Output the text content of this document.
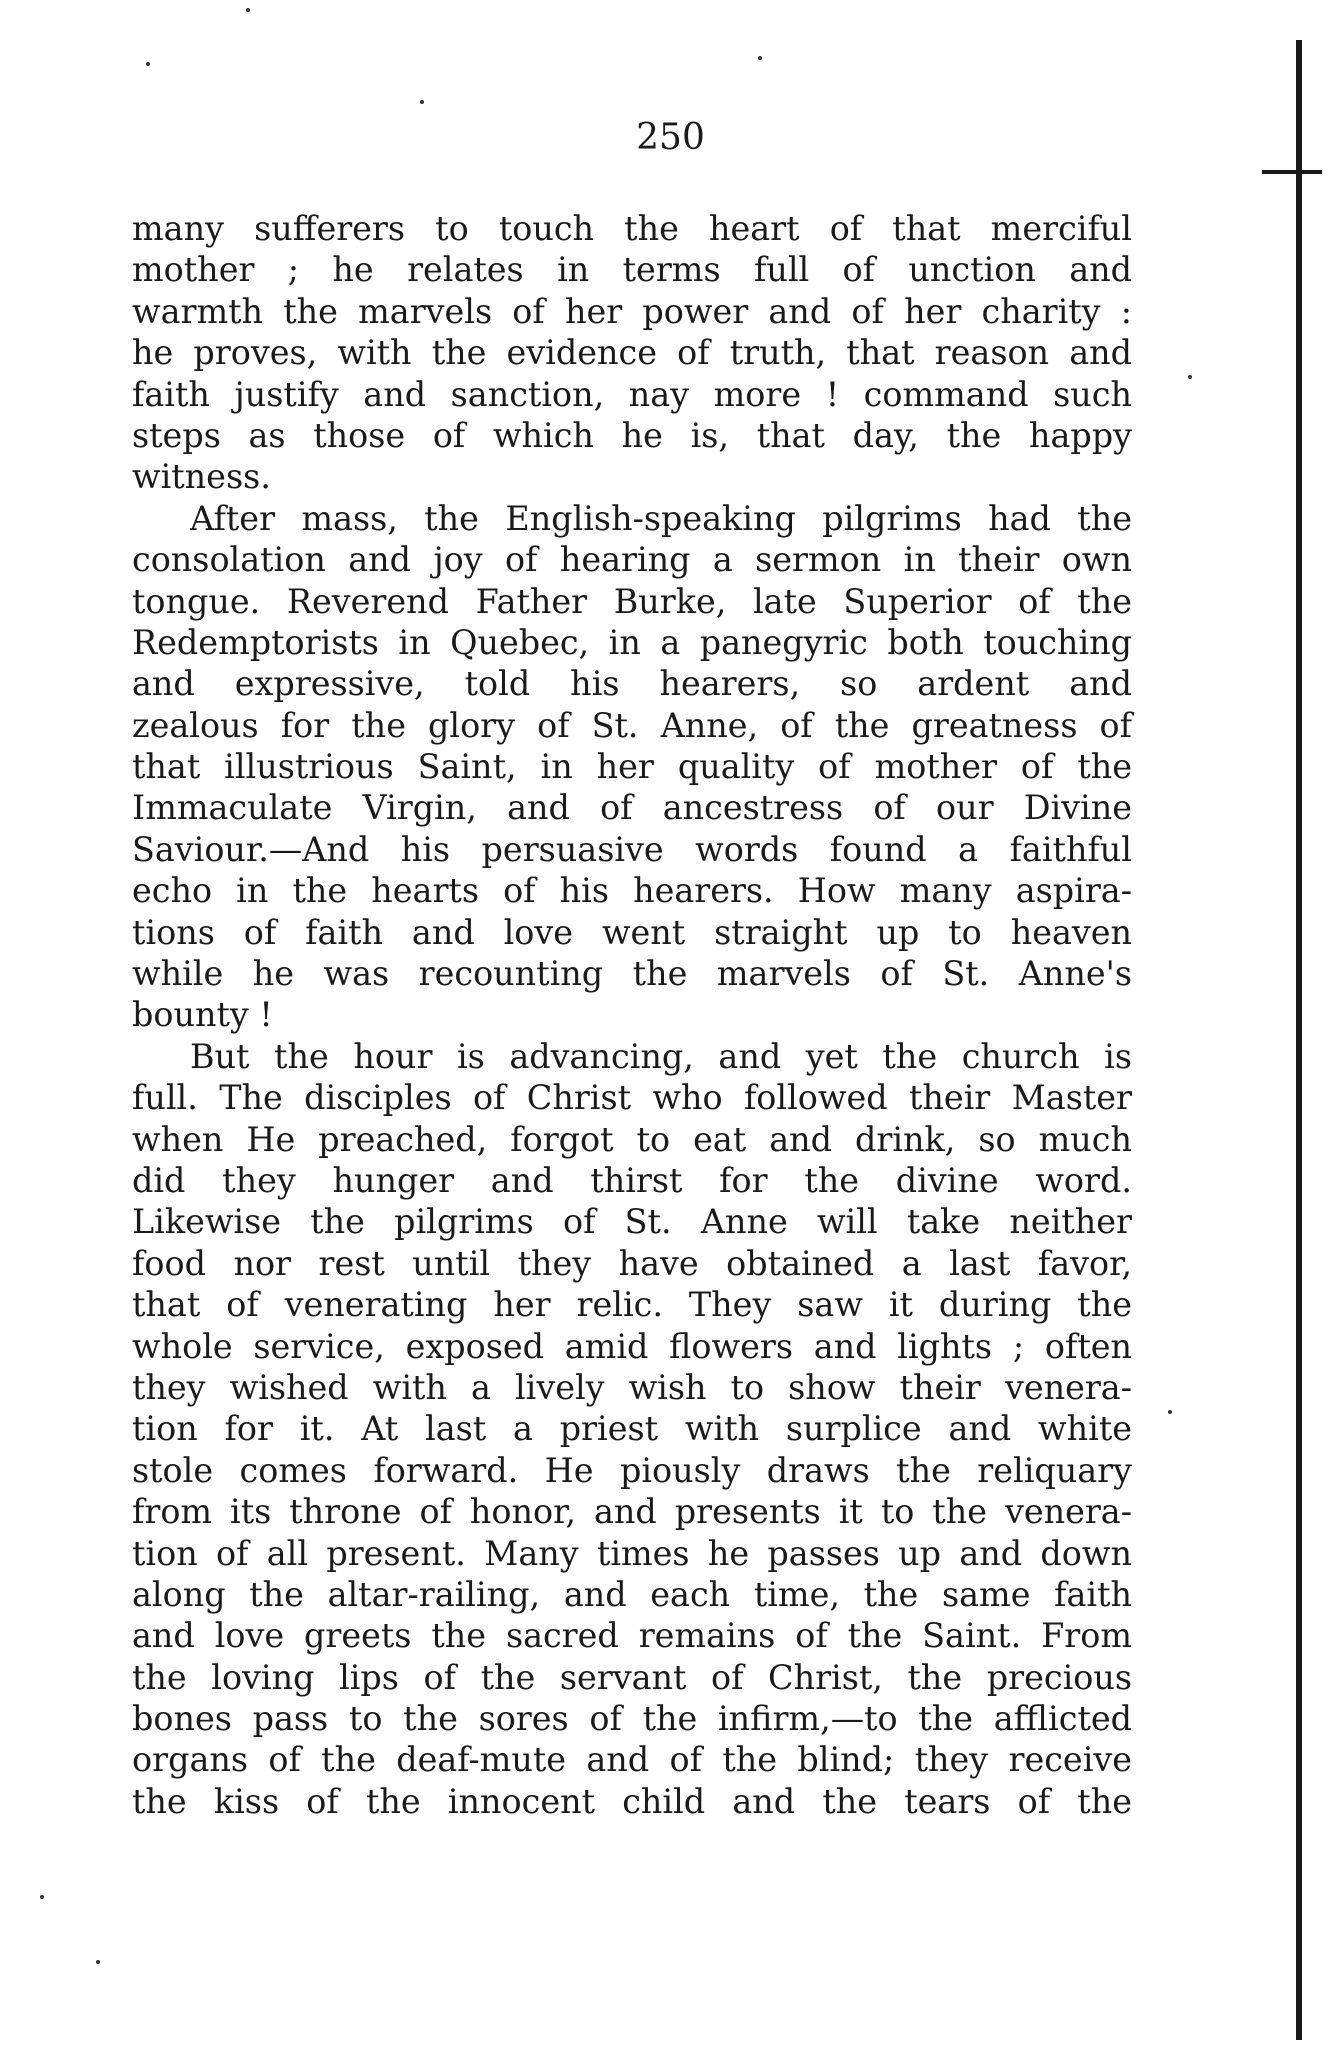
250
many sufferers to touch the heart of that merciful
mother ; he relates in terms full of unction and
warmth the marvels of her power and of her charity :
he proves, with the evidence of truth, that reason and
faith justify and sanction, nay more ! command such
steps as those of which he is, that day, the happy
witness.
After mass, the English-speaking pilgrims had the
consolation and joy of hearing a sermon in their own
tongue. Reverend Father Burke, late Superior of the
Redemptorists in Quebec, in a panegyric both touching
and expressive, told his hearers, so ardent and
zealous for the glory of St. Anne, of the greatness of
that illustrious Saint, in her quality of mother of the
Immaculate Virgin, and of ancestress of our Divine
Saviour.—And his persuasive words found a faithful
echo in the hearts of his hearers. How many aspira-
tions of faith and love went straight up to heaven
while he was recounting the marvels of St. Anne's
bounty !
But the hour is advancing, and yet the church is
full. The disciples of Christ who followed their Master
when He preached, forgot to eat and drink, so much
did they hunger and thirst for the divine word.
Likewise the pilgrims of St. Anne will take neither
food nor rest until they have obtained a last favor,
that of venerating her relic. They saw it during the
whole service, exposed amid flowers and lights ; often
they wished with a lively wish to show their venera-
tion for it. At last a priest with surplice and white
stole comes forward. He piously draws the reliquary
from its throne of honor, and presents it to the venera-
tion of all present. Many times he passes up and down
along the altar-railing, and each time, the same faith
and love greets the sacred remains of the Saint. From
the loving lips of the servant of Christ, the precious
bones pass to the sores of the infirm,—to the afflicted
organs of the deaf-mute and of the blind; they receive
the kiss of the innocent child and the tears of the
